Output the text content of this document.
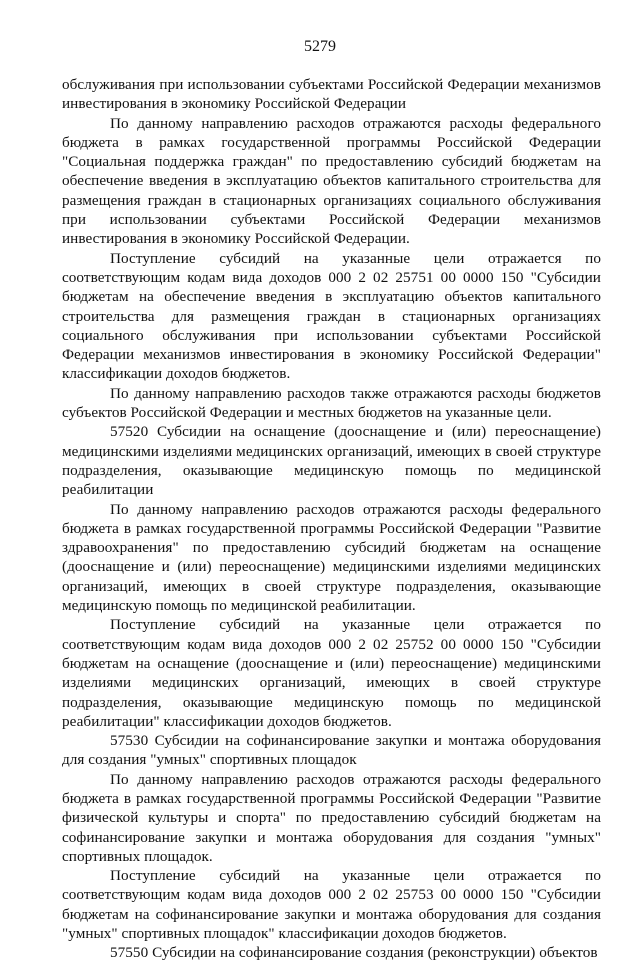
5279

обслуживания при использовании субъектами Российской Федерации механизмов инвестирования в экономику Российской Федерации

По данному направлению расходов отражаются расходы федерального бюджета в рамках государственной программы Российской Федерации "Социальная поддержка граждан" по предоставлению субсидий бюджетам на обеспечение введения в эксплуатацию объектов капитального строительства для размещения граждан в стационарных организациях социального обслуживания при использовании субъектами Российской Федерации механизмов инвестирования в экономику Российской Федерации.

Поступление субсидий на указанные цели отражается по соответствующим кодам вида доходов 000 2 02 25751 00 0000 150 "Субсидии бюджетам на обеспечение введения в эксплуатацию объектов капитального строительства для размещения граждан в стационарных организациях социального обслуживания при использовании субъектами Российской Федерации механизмов инвестирования в экономику Российской Федерации" классификации доходов бюджетов.

По данному направлению расходов также отражаются расходы бюджетов субъектов Российской Федерации и местных бюджетов на указанные цели.

57520 Субсидии на оснащение (дооснащение и (или) переоснащение) медицинскими изделиями медицинских организаций, имеющих в своей структуре подразделения, оказывающие медицинскую помощь по медицинской реабилитации

По данному направлению расходов отражаются расходы федерального бюджета в рамках государственной программы Российской Федерации "Развитие здравоохранения" по предоставлению субсидий бюджетам на оснащение (дооснащение и (или) переоснащение) медицинскими изделиями медицинских организаций, имеющих в своей структуре подразделения, оказывающие медицинскую помощь по медицинской реабилитации.

Поступление субсидий на указанные цели отражается по соответствующим кодам вида доходов 000 2 02 25752 00 0000 150 "Субсидии бюджетам на оснащение (дооснащение и (или) переоснащение) медицинскими изделиями медицинских организаций, имеющих в своей структуре подразделения, оказывающие медицинскую помощь по медицинской реабилитации" классификации доходов бюджетов.

57530 Субсидии на софинансирование закупки и монтажа оборудования для создания "умных" спортивных площадок

По данному направлению расходов отражаются расходы федерального бюджета в рамках государственной программы Российской Федерации "Развитие физической культуры и спорта" по предоставлению субсидий бюджетам на софинансирование закупки и монтажа оборудования для создания "умных" спортивных площадок.

Поступление субсидий на указанные цели отражается по соответствующим кодам вида доходов 000 2 02 25753 00 0000 150 "Субсидии бюджетам на софинансирование закупки и монтажа оборудования для создания "умных" спортивных площадок" классификации доходов бюджетов.

57550 Субсидии на софинансирование создания (реконструкции) объектов
